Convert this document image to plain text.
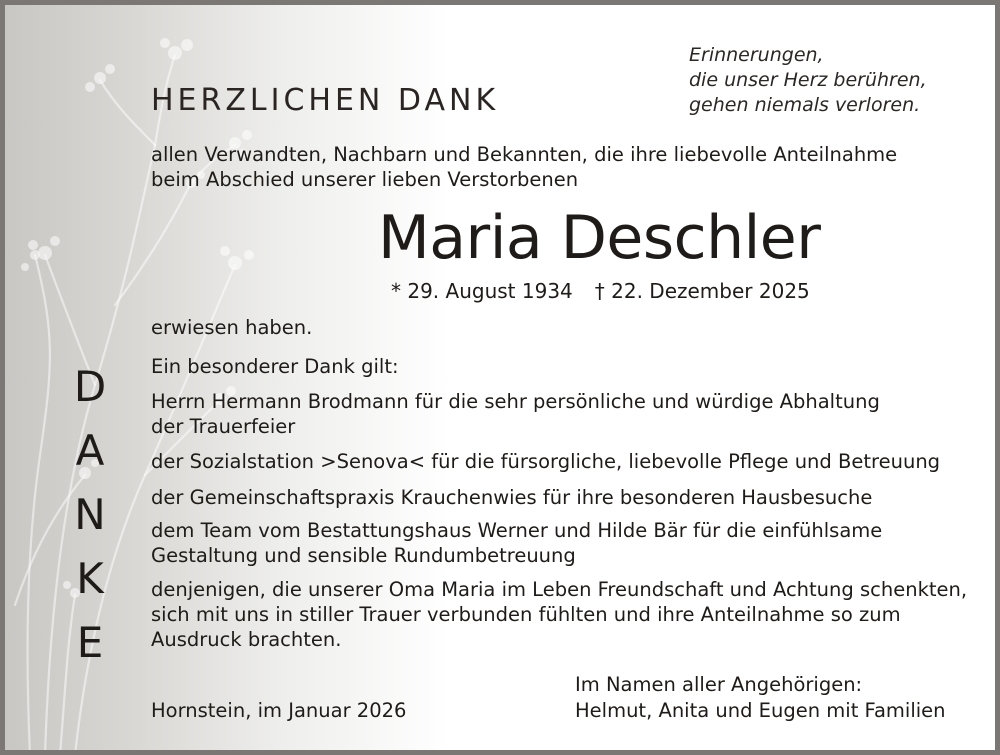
Erinnerungen,
die unser Herz berühren,
gehen niemals verloren.
HERZLICHEN DANK
allen Verwandten, Nachbarn und Bekannten, die ihre liebevolle Anteilnahme
beim Abschied unserer lieben Verstorbenen
Maria Deschler
* 29. August 1934 † 22. Dezember 2025
erwiesen haben.
D
A
N
K
E
Ein besonderer Dank gilt:
Herrn Hermann Brodmann für die sehr persönliche und würdige Abhaltung
der Trauerfeier
der Sozialstation >Senova< für die fürsorgliche, liebevolle Pflege und Betreuung
der Gemeinschaftspraxis Krauchenwies für ihre besonderen Hausbesuche
dem Team vom Bestattungshaus Werner und Hilde Bär für die einfühlsame
Gestaltung und sensible Rundumbetreuung
denjenigen, die unserer Oma Maria im Leben Freundschaft und Achtung schenkten,
sich mit uns in stiller Trauer verbunden fühlten und ihre Anteilnahme so zum
Ausdruck brachten.
Im Namen aller Angehörigen:
Hornstein, im Januar 2026	Helmut, Anita und Eugen mit Familien
